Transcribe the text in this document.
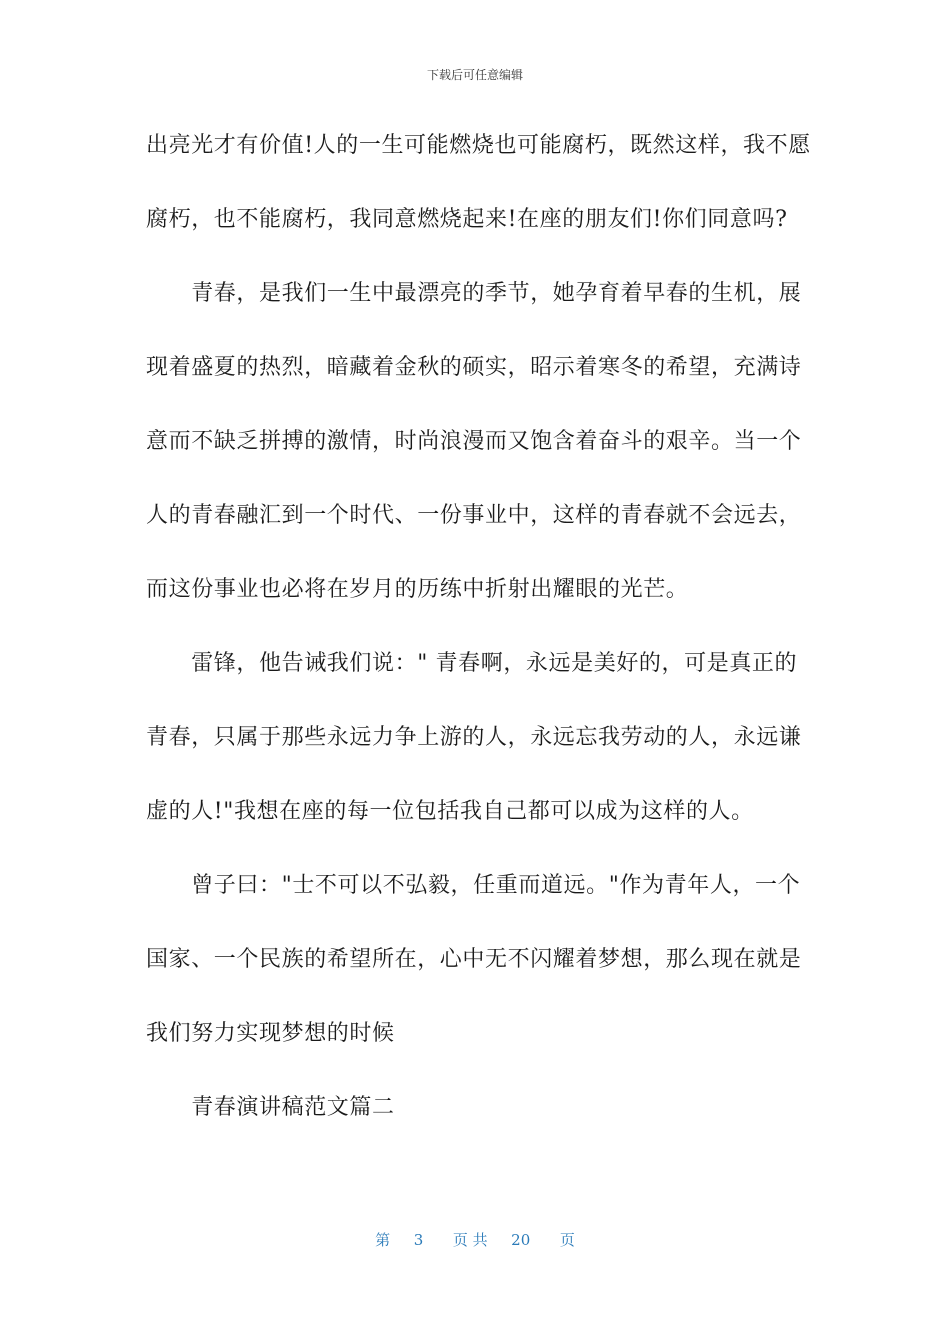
下载后可任意编辑
出亮光才有价值!人的一生可能燃烧也可能腐朽，既然这样，我不愿
腐朽，也不能腐朽，我同意燃烧起来!在座的朋友们!你们同意吗?
　　青春，是我们一生中最漂亮的季节，她孕育着早春的生机，展
现着盛夏的热烈，暗藏着金秋的硕实，昭示着寒冬的希望，充满诗
意而不缺乏拼搏的激情，时尚浪漫而又饱含着奋斗的艰辛。当一个
人的青春融汇到一个时代、一份事业中，这样的青春就不会远去，
而这份事业也必将在岁月的历练中折射出耀眼的光芒。
　　雷锋，他告诫我们说：" 青春啊，永远是美好的，可是真正的
青春，只属于那些永远力争上游的人，永远忘我劳动的人，永远谦
虚的人!"我想在座的每一位包括我自己都可以成为这样的人。
　　曾子曰："士不可以不弘毅，任重而道远。"作为青年人，一个
国家、一个民族的希望所在，心中无不闪耀着梦想，那么现在就是
我们努力实现梦想的时候
　　青春演讲稿范文篇二
第 3 页 共 20 页
